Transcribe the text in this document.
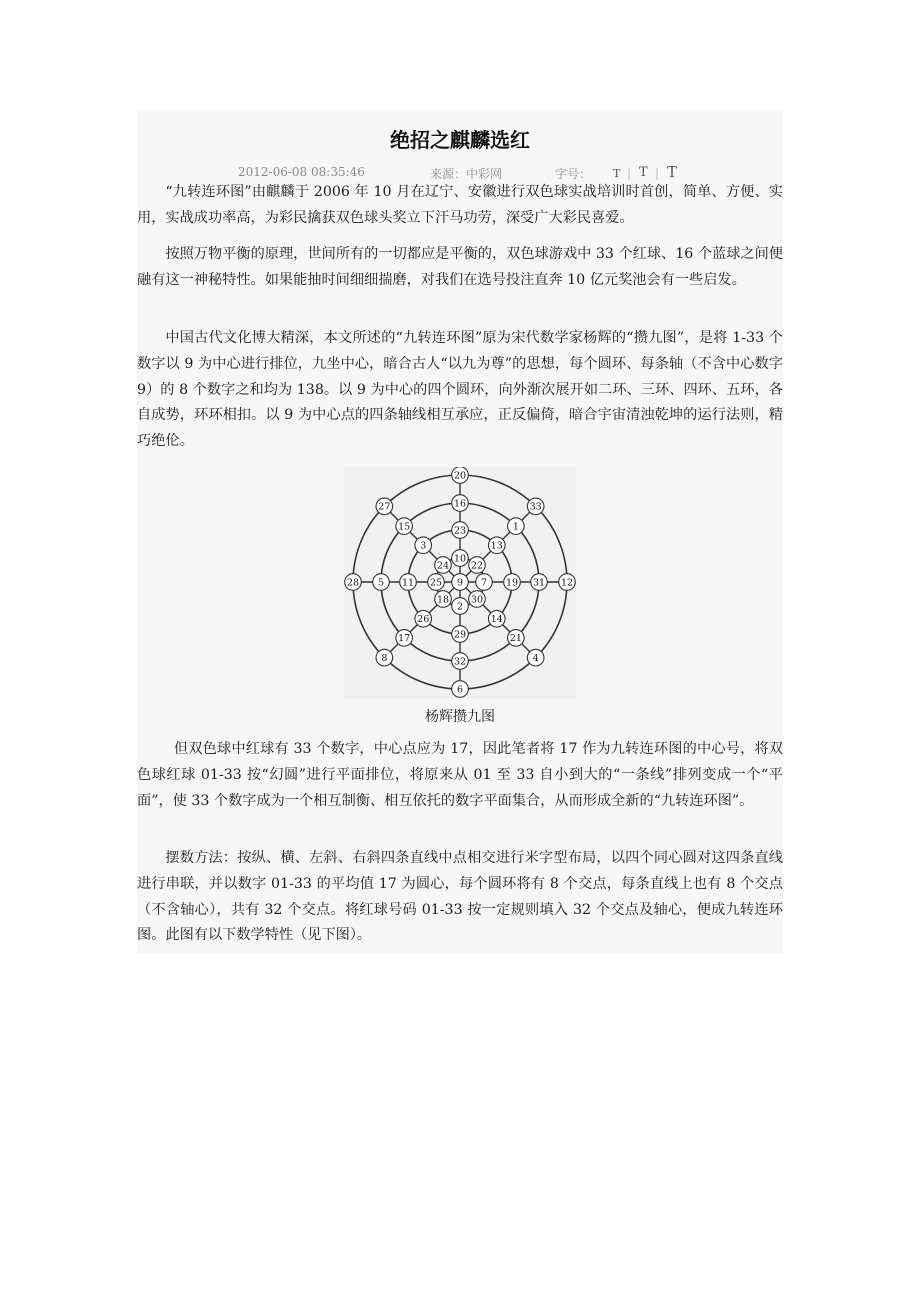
绝招之麒麟选红
2012-06-08 08:35:46	来源：中彩网	字号： T | T | T

“九转连环图”由麒麟于 2006 年 10 月在辽宁、安徽进行双色球实战培训时首创，简单、方便、实用，实战成功率高，为彩民擒获双色球头奖立下汗马功劳，深受广大彩民喜爱。

按照万物平衡的原理，世间所有的一切都应是平衡的，双色球游戏中 33 个红球、16 个蓝球之间便融有这一神秘特性。如果能抽时间细细揣磨，对我们在选号投注直奔 10 亿元奖池会有一些启发。

中国古代文化博大精深，本文所述的“九转连环图”原为宋代数学家杨辉的“攒九图”，是将 1-33 个数字以 9 为中心进行排位，九坐中心，暗合古人“以九为尊”的思想，每个圆环、每条轴（不含中心数字 9）的 8 个数字之和均为 138。以 9 为中心的四个圆环，向外渐次展开如二环、三环、四环、五环，各自成势，环环相扣。以 9 为中心点的四条轴线相互承应，正反偏倚，暗合宇宙清浊乾坤的运行法则，精巧绝伦。

9
10
22
7
30
2
18
25
24
23
13
19
14
29
26
11
3
16
1
31
21
32
17
5
15
20
33
12
4
6
8
28
27
杨辉攒九图

但双色球中红球有 33 个数字，中心点应为 17，因此笔者将 17 作为九转连环图的中心号，将双色球红球 01-33 按“幻圆”进行平面排位，将原来从 01 至 33 自小到大的“一条线”排列变成一个“平面”，使 33 个数字成为一个相互制衡、相互依托的数字平面集合，从而形成全新的“九转连环图”。

摆数方法：按纵、横、左斜、右斜四条直线中点相交进行米字型布局，以四个同心圆对这四条直线进行串联，并以数字 01-33 的平均值 17 为圆心，每个圆环将有 8 个交点，每条直线上也有 8 个交点（不含轴心），共有 32 个交点。将红球号码 01-33 按一定规则填入 32 个交点及轴心，便成九转连环图。此图有以下数学特性（见下图）。
